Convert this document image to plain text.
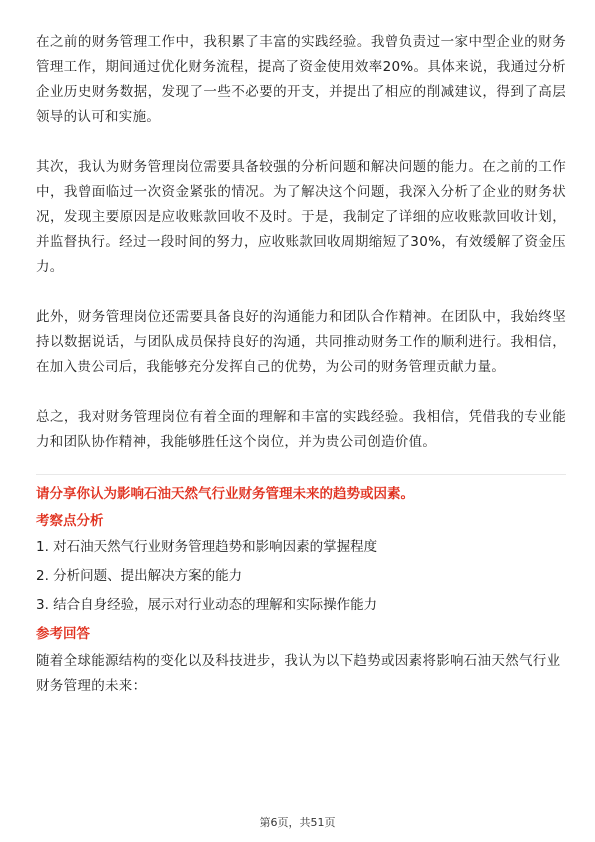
在之前的财务管理工作中，我积累了丰富的实践经验。我曾负责过一家中型企业的财务管理工作，期间通过优化财务流程，提高了资金使用效率20%。具体来说，我通过分析企业历史财务数据，发现了一些不必要的开支，并提出了相应的削减建议，得到了高层领导的认可和实施。

其次，我认为财务管理岗位需要具备较强的分析问题和解决问题的能力。在之前的工作中，我曾面临过一次资金紧张的情况。为了解决这个问题，我深入分析了企业的财务状况，发现主要原因是应收账款回收不及时。于是，我制定了详细的应收账款回收计划，并监督执行。经过一段时间的努力，应收账款回收周期缩短了30%，有效缓解了资金压力。

此外，财务管理岗位还需要具备良好的沟通能力和团队合作精神。在团队中，我始终坚持以数据说话，与团队成员保持良好的沟通，共同推动财务工作的顺利进行。我相信，在加入贵公司后，我能够充分发挥自己的优势，为公司的财务管理贡献力量。

总之，我对财务管理岗位有着全面的理解和丰富的实践经验。我相信，凭借我的专业能力和团队协作精神，我能够胜任这个岗位，并为贵公司创造价值。

请分享你认为影响石油天然气行业财务管理未来的趋势或因素。

考察点分析

1. 对石油天然气行业财务管理趋势和影响因素的掌握程度

2. 分析问题、提出解决方案的能力

3. 结合自身经验，展示对行业动态的理解和实际操作能力

参考回答

随着全球能源结构的变化以及科技进步，我认为以下趋势或因素将影响石油天然气行业财务管理的未来：

第6页，共51页
